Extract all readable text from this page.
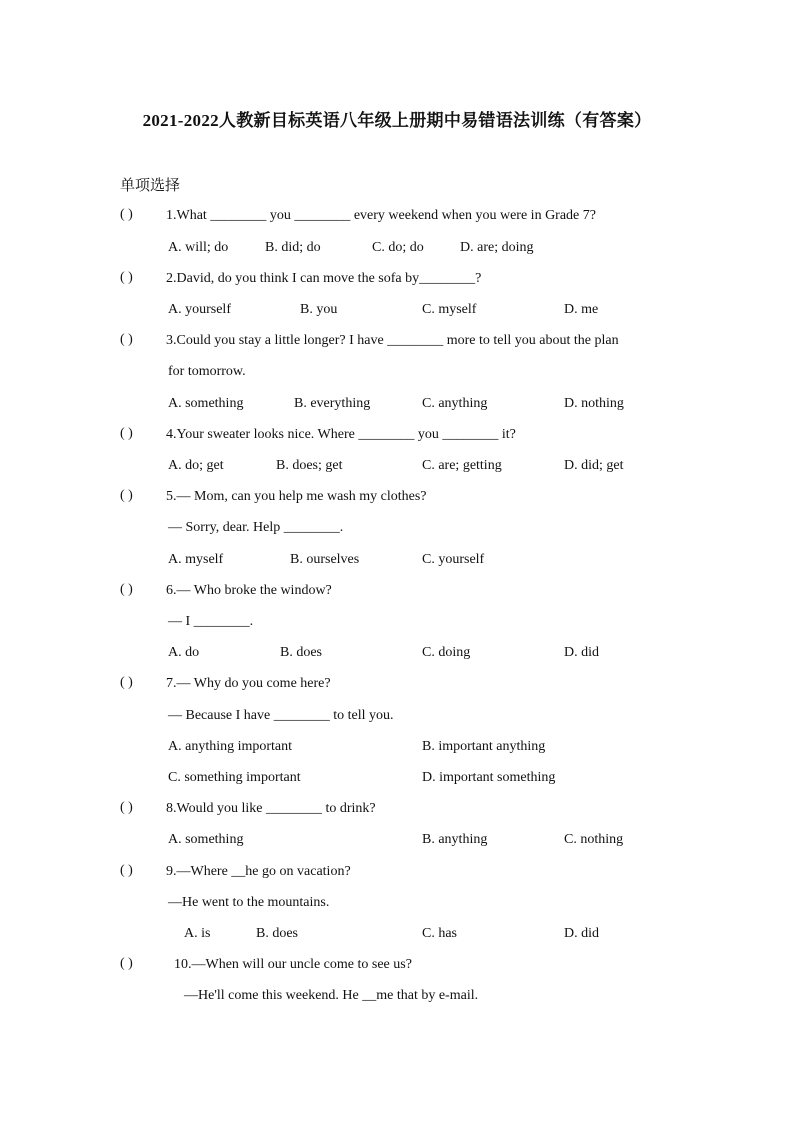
2021-2022人教新目标英语八年级上册期中易错语法训练（有答案）
单项选择
( ) 1.What ________ you ________ every weekend when you were in Grade 7?
A. will; do	B. did; do	C. do; do	D. are; doing
( ) 2.David, do you think I can move the sofa by________?
A. yourself	B. you	C. myself	D. me
( ) 3.Could you stay a little longer? I have ________ more to tell you about the plan
for tomorrow.
A. something	B. everything	C. anything	D. nothing
( ) 4.Your sweater looks nice. Where ________ you ________ it?
A. do; get	B. does; get	C. are; getting	D. did; get
( ) 5.— Mom, can you help me wash my clothes?
— Sorry, dear. Help ________.
A. myself	B. ourselves	C. yourself
( ) 6.— Who broke the window?
— I ________.
A. do	B. does	C. doing	D. did
( ) 7.— Why do you come here?
— Because I have ________ to tell you.
A. anything important	B. important anything
C. something important	D. important something
( ) 8.Would you like ________ to drink?
A. something	B. anything	C. nothing
( ) 9.—Where __he go on vacation?
—He went to the mountains.
A. is	B. does	C. has	D. did
( )	10.—When will our uncle come to see us?
—He'll come this weekend. He __me that by e-mail.
